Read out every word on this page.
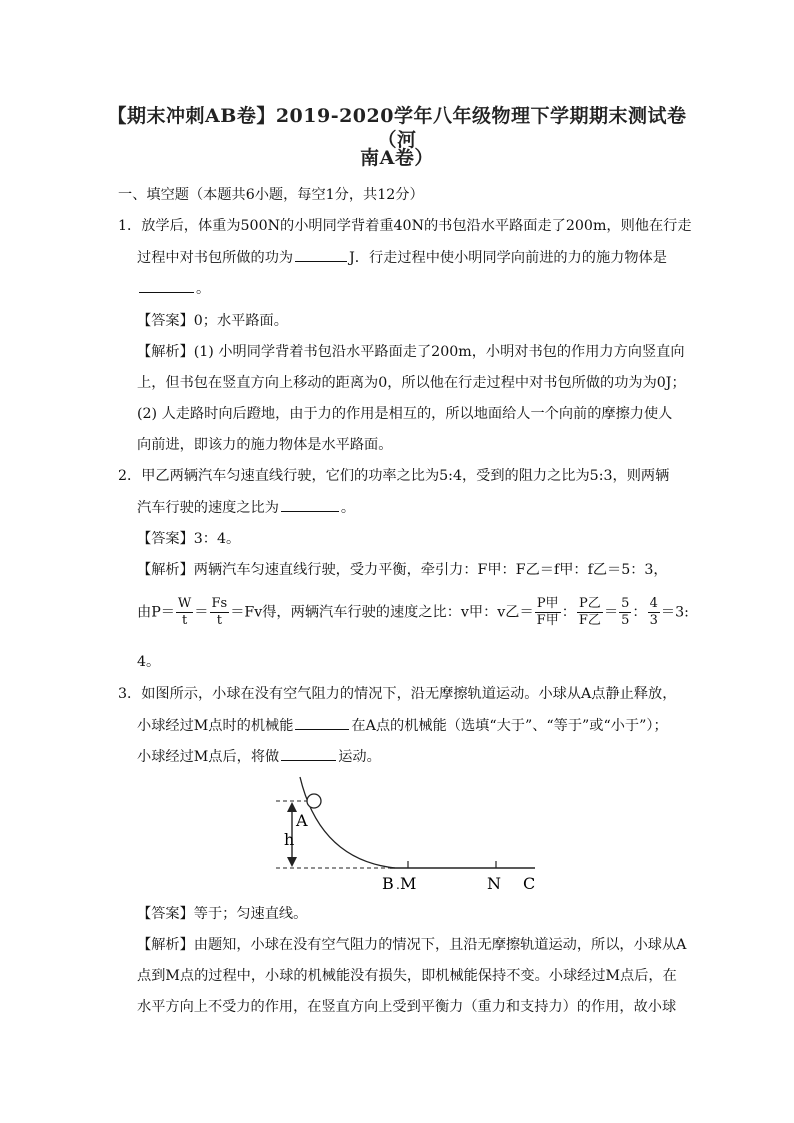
【期末冲刺AB卷】2019-2020学年八年级物理下学期期末测试卷（河
南A卷）
一、填空题（本题共6小题，每空1分，共12分）
1．放学后，体重为500N的小明同学背着重40N的书包沿水平路面走了200m，则他在行走
过程中对书包所做的功为	J．行走过程中使小明同学向前进的力的施力物体是
。
【答案】0；水平路面。
【解析】(1) 小明同学背着书包沿水平路面走了200m，小明对书包的作用力方向竖直向
上，但书包在竖直方向上移动的距离为0，所以他在行走过程中对书包所做的功为为0J；
(2) 人走路时向后蹬地，由于力的作用是相互的，所以地面给人一个向前的摩擦力使人
向前进，即该力的施力物体是水平路面。
2．甲乙两辆汽车匀速直线行驶，它们的功率之比为5:4，受到的阻力之比为5:3，则两辆
汽车行驶的速度之比为	。
【答案】3：4。
【解析】两辆汽车匀速直线行驶，受力平衡，牵引力：F甲：F乙＝f甲：f乙＝5：3，
由$P= \frac{W}{t} = \frac{Fs}{t} =Fv$得，两辆汽车行驶的速度之比：v甲：v乙＝ $\frac{\text{P甲}}{\text{F甲}}$ ： $\frac{\text{P乙}}{\text{F乙}} = \frac{5}{5}$ ： $\frac{4}{3} =3$:
4。
3．如图所示，小球在没有空气阻力的情况下，沿无摩擦轨道运动。小球从A点静止释放，
小球经过M点时的机械能	在A点的机械能（选填“大于”、“等于”或“小于”）；
小球经过M点后，将做	运动。
A
h
B M	N C
.
【答案】等于；匀速直线。
【解析】由题知，小球在没有空气阻力的情况下，且沿无摩擦轨道运动，所以，小球从A
点到M点的过程中，小球的机械能没有损失，即机械能保持不变。小球经过M点后，在
水平方向上不受力的作用，在竖直方向上受到平衡力（重力和支持力）的作用，故小球
